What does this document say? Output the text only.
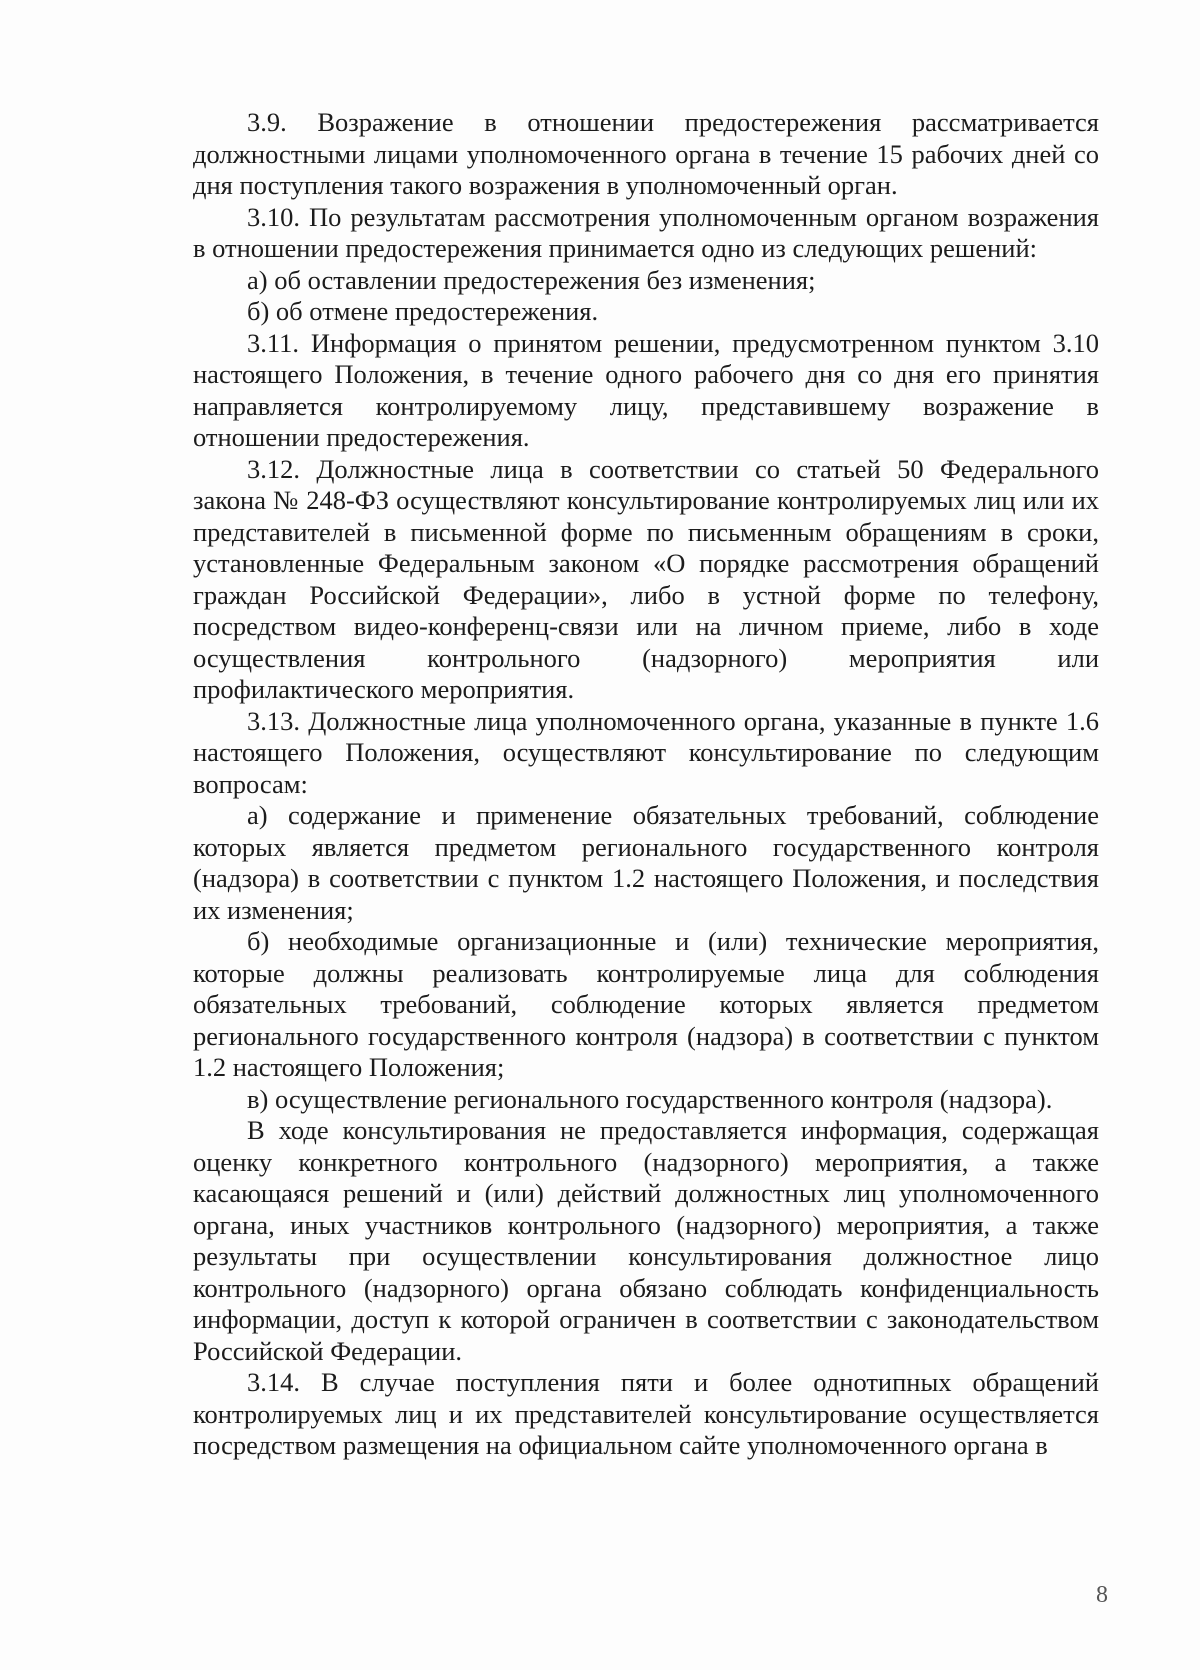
3.9. Возражение в отношении предостережения рассматривается должностными лицами уполномоченного органа в течение 15 рабочих дней со дня поступления такого возражения в уполномоченный орган.

3.10. По результатам рассмотрения уполномоченным органом возражения в отношении предостережения принимается одно из следующих решений:

а) об оставлении предостережения без изменения;

б) об отмене предостережения.

3.11. Информация о принятом решении, предусмотренном пунктом 3.10 настоящего Положения, в течение одного рабочего дня со дня его принятия направляется контролируемому лицу, представившему возражение в отношении предостережения.

3.12. Должностные лица в соответствии со статьей 50 Федерального закона № 248-ФЗ осуществляют консультирование контролируемых лиц или их представителей в письменной форме по письменным обращениям в сроки, установленные Федеральным законом «О порядке рассмотрения обращений граждан Российской Федерации», либо в устной форме по телефону, посредством видео-конференц-связи или на личном приеме, либо в ходе осуществления контрольного (надзорного) мероприятия или профилактического мероприятия.

3.13. Должностные лица уполномоченного органа, указанные в пункте 1.6 настоящего Положения, осуществляют консультирование по следующим вопросам:

а) содержание и применение обязательных требований, соблюдение которых является предметом регионального государственного контроля (надзора) в соответствии с пунктом 1.2 настоящего Положения, и последствия их изменения;

б) необходимые организационные и (или) технические мероприятия, которые должны реализовать контролируемые лица для соблюдения обязательных требований, соблюдение которых является предметом регионального государственного контроля (надзора) в соответствии с пунктом 1.2 настоящего Положения;

в) осуществление регионального государственного контроля (надзора).

В ходе консультирования не предоставляется информация, содержащая оценку конкретного контрольного (надзорного) мероприятия, а также касающаяся решений и (или) действий должностных лиц уполномоченного органа, иных участников контрольного (надзорного) мероприятия, а также результаты при осуществлении консультирования должностное лицо контрольного (надзорного) органа обязано соблюдать конфиденциальность информации, доступ к которой ограничен в соответствии с законодательством Российской Федерации.

3.14. В случае поступления пяти и более однотипных обращений контролируемых лиц и их представителей консультирование осуществляется посредством размещения на официальном сайте уполномоченного органа в

8
